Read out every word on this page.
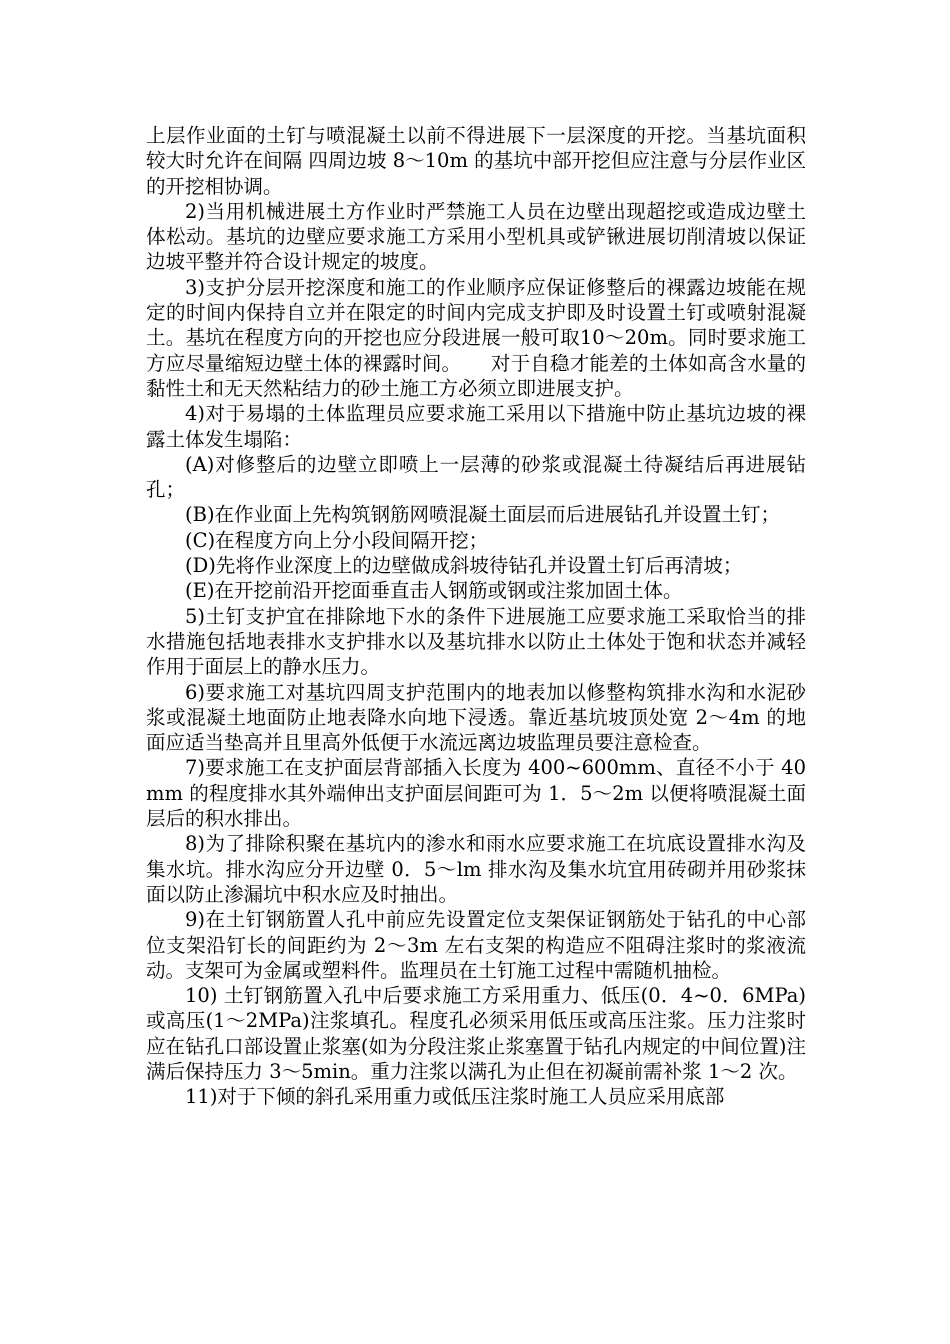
上层作业面的土钉与喷混凝土以前不得进展下一层深度的开挖。当基坑面积较大时允许在间隔 四周边坡 8～10m 的基坑中部开挖但应注意与分层作业区的开挖相协调。

2)当用机械进展土方作业时严禁施工人员在边壁出现超挖或造成边壁土体松动。基坑的边壁应要求施工方采用小型机具或铲锹进展切削清坡以保证边坡平整并符合设计规定的坡度。

3)支护分层开挖深度和施工的作业顺序应保证修整后的裸露边坡能在规定的时间内保持自立并在限定的时间内完成支护即及时设置土钉或喷射混凝土。基坑在程度方向的开挖也应分段进展一般可取10～20m。同时要求施工方应尽量缩短边壁土体的裸露时间。　　对于自稳才能差的土体如高含水量的黏性土和无天然粘结力的砂土施工方必须立即进展支护。

4)对于易塌的土体监理员应要求施工采用以下措施中防止基坑边坡的裸露土体发生塌陷：

(A)对修整后的边壁立即喷上一层薄的砂浆或混凝土待凝结后再进展钻孔；

(B)在作业面上先构筑钢筋网喷混凝土面层而后进展钻孔并设置土钉；

(C)在程度方向上分小段间隔开挖；

(D)先将作业深度上的边壁做成斜坡待钻孔并设置土钉后再清坡；

(E)在开挖前沿开挖面垂直击人钢筋或钢或注浆加固土体。

5)土钉支护宜在排除地下水的条件下进展施工应要求施工采取恰当的排水措施包括地表排水支护排水以及基坑排水以防止土体处于饱和状态并减轻作用于面层上的静水压力。

6)要求施工对基坑四周支护范围内的地表加以修整构筑排水沟和水泥砂浆或混凝土地面防止地表降水向地下浸透。靠近基坑坡顶处宽 2～4m 的地面应适当垫高并且里高外低便于水流远离边坡监理员要注意检查。

7)要求施工在支护面层背部插入长度为 400~600mm、直径不小于 40mm 的程度排水其外端伸出支护面层间距可为 1．5～2m 以便将喷混凝土面层后的积水排出。

8)为了排除积聚在基坑内的渗水和雨水应要求施工在坑底设置排水沟及集水坑。排水沟应分开边壁 0．5～lm 排水沟及集水坑宜用砖砌并用砂浆抹面以防止渗漏坑中积水应及时抽出。

9)在土钉钢筋置人孔中前应先设置定位支架保证钢筋处于钻孔的中心部位支架沿钉长的间距约为 2～3m 左右支架的构造应不阻碍注浆时的浆液流动。支架可为金属或塑料件。监理员在土钉施工过程中需随机抽检。

10) 土钉钢筋置入孔中后要求施工方采用重力、低压(0．4~0．6MPa)或高压(1～2MPa)注浆填孔。程度孔必须采用低压或高压注浆。压力注浆时应在钻孔口部设置止浆塞(如为分段注浆止浆塞置于钻孔内规定的中间位置)注满后保持压力 3～5min。重力注浆以满孔为止但在初凝前需补浆 1～2 次。

11)对于下倾的斜孔采用重力或低压注浆时施工人员应采用底部
